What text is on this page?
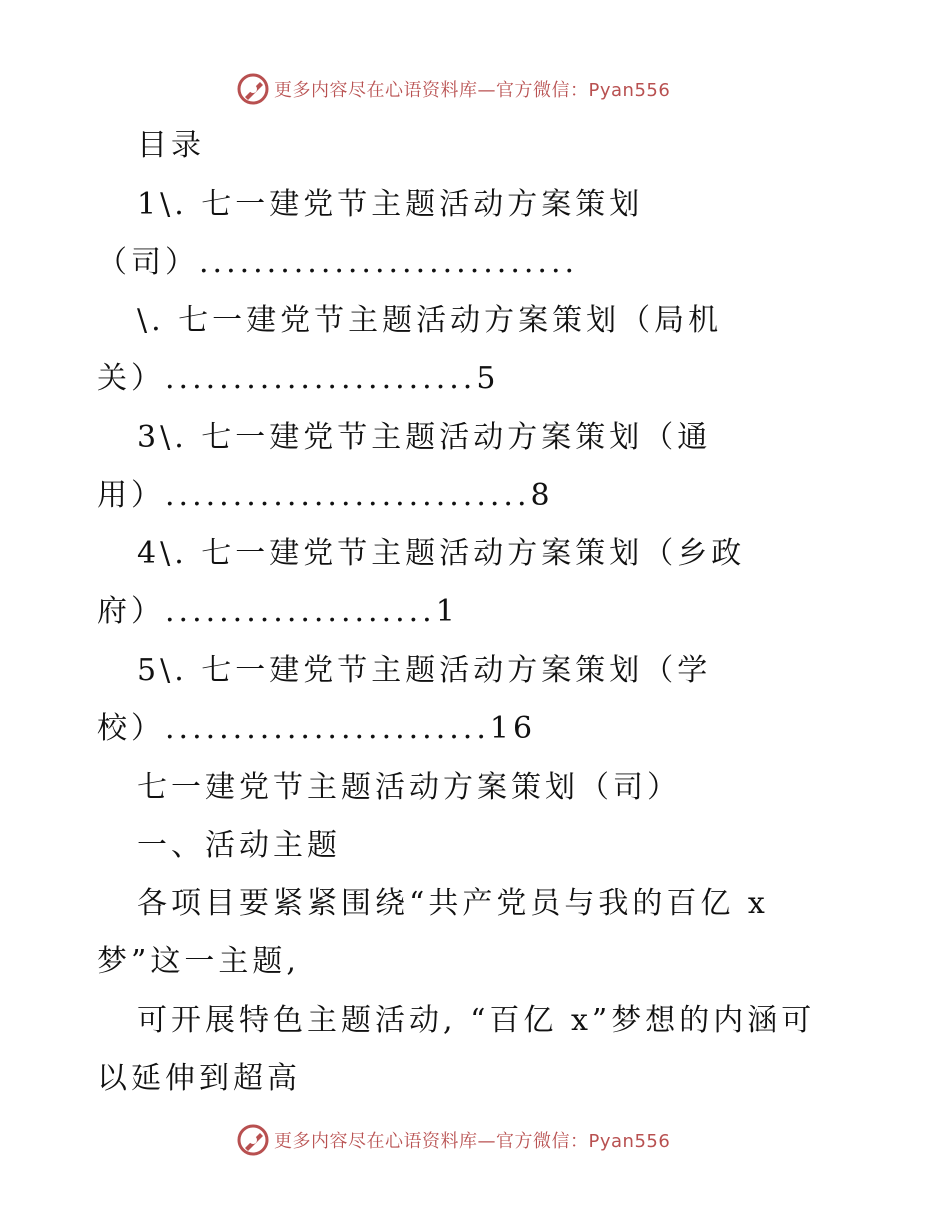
更多内容尽在心语资料库—官方微信：Pyan556
目录
1\. 七一建党节主题活动方案策划
（司）............................
\. 七一建党节主题活动方案策划（局机
关）.......................5
3\. 七一建党节主题活动方案策划（通
用）...........................8
4\. 七一建党节主题活动方案策划（乡政
府）....................1
5\. 七一建党节主题活动方案策划（学
校）........................16
七一建党节主题活动方案策划（司）
一、活动主题
各项目要紧紧围绕“共产党员与我的百亿 x
梦”这一主题,
可开展特色主题活动, “百亿 x”梦想的内涵可
以延伸到超高
更多内容尽在心语资料库—官方微信：Pyan556
